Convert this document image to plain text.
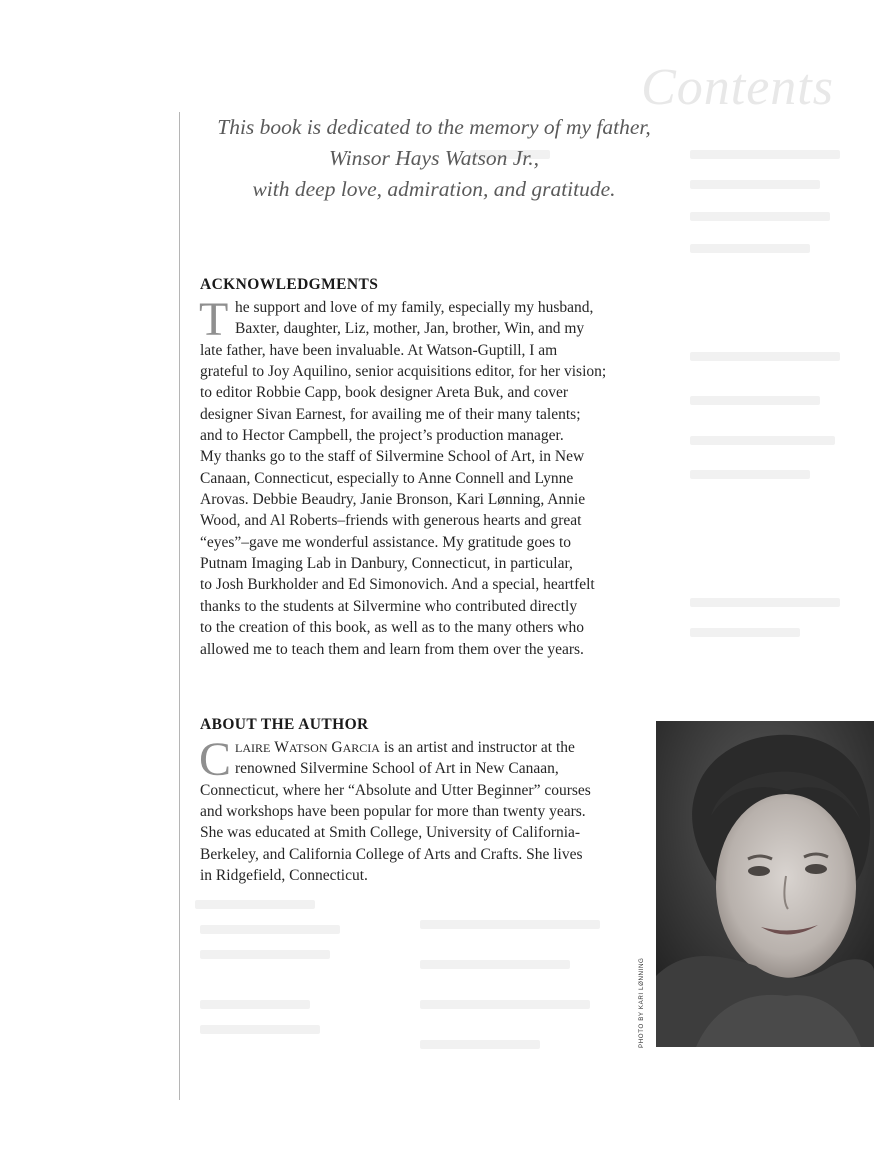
Contents
This book is dedicated to the memory of my father,
Winsor Hays Watson Jr.,
with deep love, admiration, and gratitude.
ACKNOWLEDGMENTS
T he support and love of my family, especially my husband,
Baxter, daughter, Liz, mother, Jan, brother, Win, and my
late father, have been invaluable. At Watson-Guptill, I am
grateful to Joy Aquilino, senior acquisitions editor, for her vision;
to editor Robbie Capp, book designer Areta Buk, and cover
designer Sivan Earnest, for availing me of their many talents;
and to Hector Campbell, the project’s production manager.
My thanks go to the staff of Silvermine School of Art, in New
Canaan, Connecticut, especially to Anne Connell and Lynne
Arovas. Debbie Beaudry, Janie Bronson, Kari Lønning, Annie
Wood, and Al Roberts–friends with generous hearts and great
“eyes”–gave me wonderful assistance. My gratitude goes to
Putnam Imaging Lab in Danbury, Connecticut, in particular,
to Josh Burkholder and Ed Simonovich. And a special, heartfelt
thanks to the students at Silvermine who contributed directly
to the creation of this book, as well as to the many others who
allowed me to teach them and learn from them over the years.
ABOUT THE AUTHOR
C LAIRE WATSON GARCIA is an artist and instructor at the
renowned Silvermine School of Art in New Canaan,
Connecticut, where her “Absolute and Utter Beginner” courses
and workshops have been popular for more than twenty years.
She was educated at Smith College, University of California-
Berkeley, and California College of Arts and Crafts. She lives
in Ridgefield, Connecticut.
PHOTO BY KARI LØNNING
